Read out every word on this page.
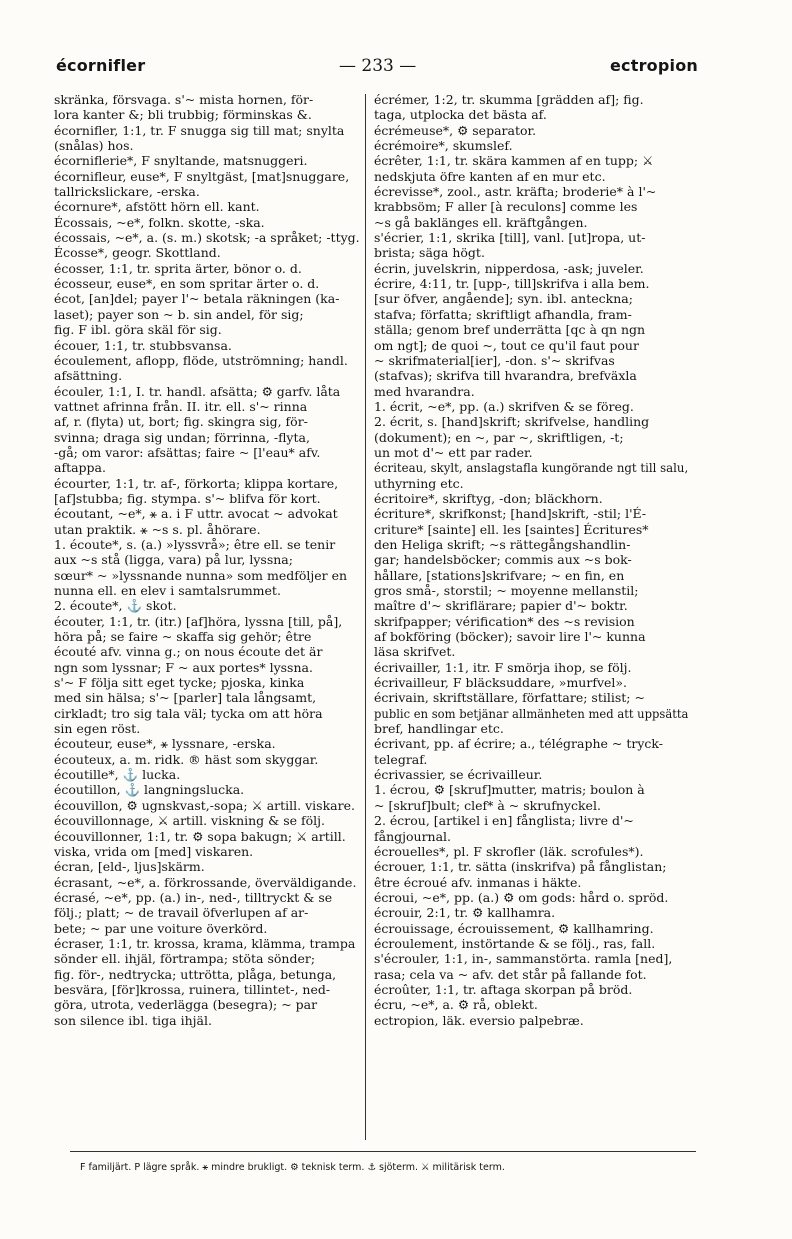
écornifler	— 233 —	ectropion
skränka, försvaga. s'~ mista hornen, för-
lora kanter &; bli trubbig; förminskas &.
écornifler, 1:1, tr. F snugga sig till mat; snylta
(snålas) hos.
écorniflerie*, F snyltande, matsnuggeri.
écornifleur, euse*, F snyltgäst, [mat]snuggare,
tallrickslickare, -erska.
écornure*, afstött hörn ell. kant.
Écossais, ~e*, folkn. skotte, -ska.
écossais, ~e*, a. (s. m.) skotsk; -a språket; -ttyg.
Écosse*, geogr. Skottland.
écosser, 1:1, tr. sprita ärter, bönor o. d.
écosseur, euse*, en som spritar ärter o. d.
écot, [an]del; payer l'~ betala räkningen (ka-
laset); payer son ~ b. sin andel, för sig;
fig. F ibl. göra skäl för sig.
écouer, 1:1, tr. stubbsvansa.
écoulement, aflopp, flöde, utströmning; handl.
afsättning.
écouler, 1:1, I. tr. handl. afsätta; ⚙ garfv. låta
vattnet afrinna från. II. itr. ell. s'~ rinna
af, r. (flyta) ut, bort; fig. skingra sig, för-
svinna; draga sig undan; förrinna, -flyta,
-gå; om varor: afsättas; faire ~ [l'eau* afv.
aftappa.
écourter, 1:1, tr. af-, förkorta; klippa kortare,
[af]stubba; fig. stympa. s'~ blifva för kort.
écoutant, ~e*, ⚹ a. i F uttr. avocat ~ advokat
utan praktik. ⚹ ~s s. pl. åhörare.
1. écoute*, s. (a.) »lyssvrå»; être ell. se tenir
aux ~s stå (ligga, vara) på lur, lyssna;
sœur* ~ »lyssnande nunna» som medföljer en
nunna ell. en elev i samtalsrummet.
2. écoute*, ⚓ skot.
écouter, 1:1, tr. (itr.) [af]höra, lyssna [till, på],
höra på; se faire ~ skaffa sig gehör; être
écouté afv. vinna g.; on nous écoute det är
ngn som lyssnar; F ~ aux portes* lyssna.
s'~ F följa sitt eget tycke; pjoska, kinka
med sin hälsa; s'~ [parler] tala långsamt,
cirkladt; tro sig tala väl; tycka om att höra
sin egen röst.
écouteur, euse*, ⚹ lyssnare, -erska.
écouteux, a. m. ridk. ® häst som skyggar.
écoutille*, ⚓ lucka.
écoutillon, ⚓ langningslucka.
écouvillon, ⚙ ugnskvast,-sopa; ⚔ artill. viskare.
écouvillonnage, ⚔ artill. viskning & se följ.
écouvillonner, 1:1, tr. ⚙ sopa bakugn; ⚔ artill.
viska, vrida om [med] viskaren.
écran, [eld-, ljus]skärm.
écrasant, ~e*, a. förkrossande, överväldigande.
écrasé, ~e*, pp. (a.) in-, ned-, tilltryckt & se
följ.; platt; ~ de travail öfverlupen af ar-
bete; ~ par une voiture överkörd.
écraser, 1:1, tr. krossa, krama, klämma, trampa
sönder ell. ihjäl, förtrampa; stöta sönder;
fig. för-, nedtrycka; uttrötta, plåga, betunga,
besvära, [för]krossa, ruinera, tillintet-, ned-
göra, utrota, vederlägga (besegra); ~ par
son silence ibl. tiga ihjäl.
écrémer, 1:2, tr. skumma [grädden af]; fig.
taga, utplocka det bästa af.
écrémeuse*, ⚙ separator.
écrémoire*, skumslef.
écrêter, 1:1, tr. skära kammen af en tupp; ⚔
nedskjuta öfre kanten af en mur etc.
écrevisse*, zool., astr. kräfta; broderie* à l'~
krabbsöm; F aller [à reculons] comme les
~s gå baklänges ell. kräftgången.
s'écrier, 1:1, skrika [till], vanl. [ut]ropa, ut-
brista; säga högt.
écrin, juvelskrin, nipperdosa, -ask; juveler.
écrire, 4:11, tr. [upp-, till]skrifva i alla bem.
[sur öfver, angående]; syn. ibl. anteckna;
stafva; författa; skriftligt afhandla, fram-
ställa; genom bref underrätta [qc à qn ngn
om ngt]; de quoi ~, tout ce qu'il faut pour
~ skrifmaterial[ier], -don. s'~ skrifvas
(stafvas); skrifva till hvarandra, brefväxla
med hvarandra.
1. écrit, ~e*, pp. (a.) skrifven & se föreg.
2. écrit, s. [hand]skrift; skrifvelse, handling
(dokument); en ~, par ~, skriftligen, -t;
un mot d'~ ett par rader.
écriteau, skylt, anslagstafla kungörande ngt till salu,
uthyrning etc.
écritoire*, skriftyg, -don; bläckhorn.
écriture*, skrifkonst; [hand]skrift, -stil; l'É-
criture* [sainte] ell. les [saintes] Écritures*
den Heliga skrift; ~s rättegångshandlin-
gar; handelsböcker; commis aux ~s bok-
hållare, [stations]skrifvare; ~ en fin, en
gros små-, storstil; ~ moyenne mellanstil;
maître d'~ skriflärare; papier d'~ boktr.
skrifpapper; vérification* des ~s revision
af bokföring (böcker); savoir lire l'~ kunna
läsa skrifvet.
écrivailler, 1:1, itr. F smörja ihop, se följ.
écrivailleur, F bläcksuddare, »murfvel».
écrivain, skriftställare, författare; stilist; ~
public en som betjänar allmänheten med att uppsätta
bref, handlingar etc.
écrivant, pp. af écrire; a., télégraphe ~ tryck-
telegraf.
écrivassier, se écrivailleur.
1. écrou, ⚙ [skruf]mutter, matris; boulon à
~ [skruf]bult; clef* à ~ skrufnyckel.
2. écrou, [artikel i en] fånglista; livre d'~
fångjournal.
écrouelles*, pl. F skrofler (läk. scrofules*).
écrouer, 1:1, tr. sätta (inskrifva) på fånglistan;
être écroué afv. inmanas i häkte.
écroui, ~e*, pp. (a.) ⚙ om gods: hård o. spröd.
écrouir, 2:1, tr. ⚙ kallhamra.
écrouissage, écrouissement, ⚙ kallhamring.
écroulement, instörtande & se följ., ras, fall.
s'écrouler, 1:1, in-, sammanstörta. ramla [ned],
rasa; cela va ~ afv. det står på fallande fot.
écroûter, 1:1, tr. aftaga skorpan på bröd.
écru, ~e*, a. ⚙ rå, oblekt.
ectropion, läk. eversio palpebræ.
F familjärt. P lägre språk. ⚹ mindre brukligt. ⚙ teknisk term. ⚓ sjöterm. ⚔ militärisk term.
